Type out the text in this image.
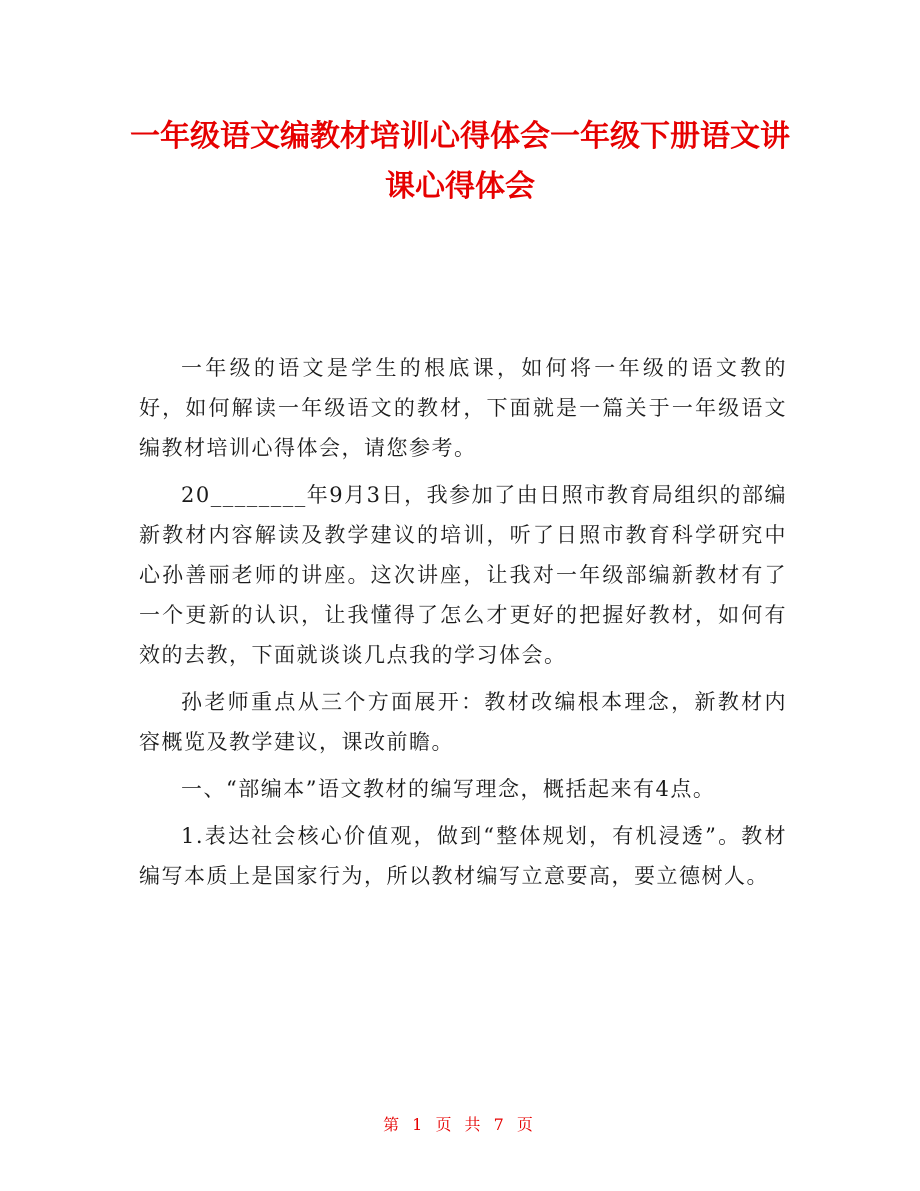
一年级语文编教材培训心得体会一年级下册语文讲课心得体会

一年级的语文是学生的根底课，如何将一年级的语文教的好，如何解读一年级语文的教材，下面就是一篇关于一年级语文编教材培训心得体会，请您参考。

20________年9月3日，我参加了由日照市教育局组织的部编新教材内容解读及教学建议的培训，听了日照市教育科学研究中心孙善丽老师的讲座。这次讲座，让我对一年级部编新教材有了一个更新的认识，让我懂得了怎么才更好的把握好教材，如何有效的去教，下面就谈谈几点我的学习体会。

孙老师重点从三个方面展开：教材改编根本理念，新教材内容概览及教学建议，课改前瞻。

一、“部编本”语文教材的编写理念，概括起来有4点。

1.表达社会核心价值观，做到“整体规划，有机浸透”。教材编写本质上是国家行为，所以教材编写立意要高，要立德树人。

第 1 页 共 7 页
